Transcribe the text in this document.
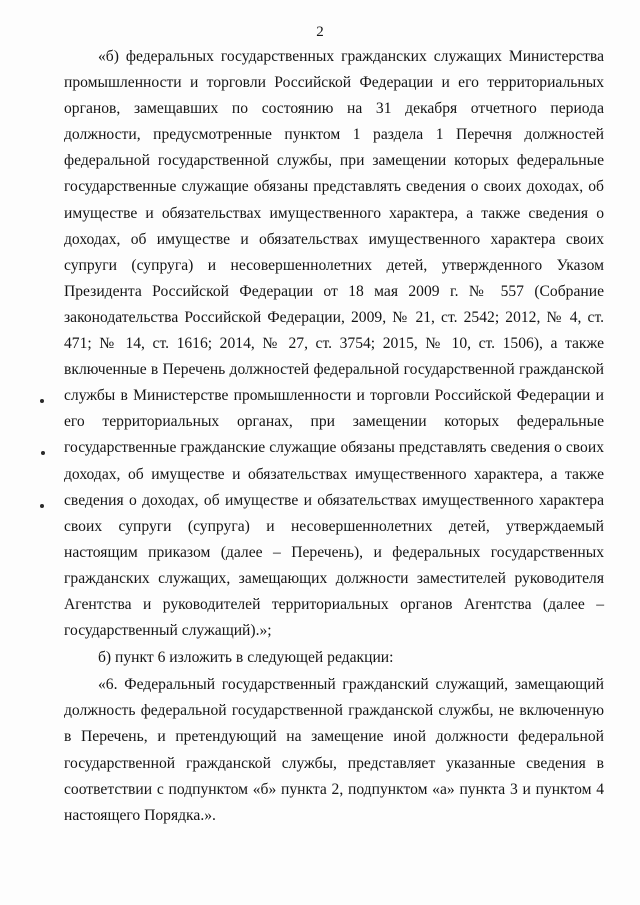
2

«б) федеральных государственных гражданских служащих Министерства промышленности и торговли Российской Федерации и его территориальных органов, замещавших по состоянию на 31 декабря отчетного периода должности, предусмотренные пунктом 1 раздела 1 Перечня должностей федеральной государственной службы, при замещении которых федеральные государственные служащие обязаны представлять сведения о своих доходах, об имуществе и обязательствах имущественного характера, а также сведения о доходах, об имуществе и обязательствах имущественного характера своих супруги (супруга) и несовершеннолетних детей, утвержденного Указом Президента Российской Федерации от 18 мая 2009 г. № 557 (Собрание законодательства Российской Федерации, 2009, № 21, ст. 2542; 2012, № 4, ст. 471; № 14, ст. 1616; 2014, № 27, ст. 3754; 2015, № 10, ст. 1506), а также включенные в Перечень должностей федеральной государственной гражданской службы в Министерстве промышленности и торговли Российской Федерации и его территориальных органах, при замещении которых федеральные государственные гражданские служащие обязаны представлять сведения о своих доходах, об имуществе и обязательствах имущественного характера, а также сведения о доходах, об имуществе и обязательствах имущественного характера своих супруги (супруга) и несовершеннолетних детей, утверждаемый настоящим приказом (далее – Перечень), и федеральных государственных гражданских служащих, замещающих должности заместителей руководителя Агентства и руководителей территориальных органов Агентства (далее – государственный служащий).»;

б) пункт 6 изложить в следующей редакции:

«6. Федеральный государственный гражданский служащий, замещающий должность федеральной государственной гражданской службы, не включенную в Перечень, и претендующий на замещение иной должности федеральной государственной гражданской службы, представляет указанные сведения в соответствии с подпунктом «б» пункта 2, подпунктом «а» пункта 3 и пунктом 4 настоящего Порядка.».
